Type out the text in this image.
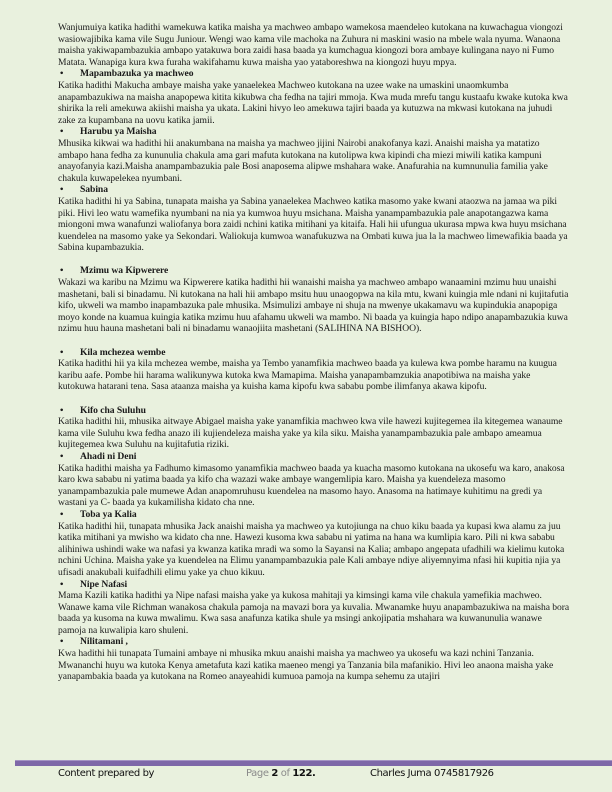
Wanjumuiya katika hadithi wamekuwa katika maisha ya machweo ambapo wamekosa maendeleo kutokana na kuwachagua viongozi wasiowajibika kama vile Sugu Juniour. Wengi wao kama vile machoka na Zuhura ni maskini wasio na mbele wala nyuma. Wanaona maisha yakiwapambazukia ambapo yatakuwa bora zaidi hasa baada ya kumchagua kiongozi bora ambaye kulingana nayo ni Fumo Matata. Wanapiga kura kwa furaha wakifahamu kuwa maisha yao yataboreshwa na kiongozi huyu mpya.

•	Mapambazuka ya machweo

Katika hadithi Makucha ambaye maisha yake yanaelekea Machweo kutokana na uzee wake na umaskini unaomkumba anapambazukiwa na maisha anapopewa kitita kikubwa cha fedha na tajiri mmoja. Kwa muda mrefu tangu kustaafu kwake kutoka kwa shirika la reli amekuwa akiishi maisha ya ukata. Lakini hivyo leo amekuwa tajiri baada ya kutuzwa na mkwasi kutokana na juhudi zake za kupambana na uovu katika jamii.

•	Harubu ya Maisha

Mhusika kikwai wa hadithi hii anakumbana na maisha ya machweo jijini Nairobi anakofanya kazi. Anaishi maisha ya matatizo ambapo hana fedha za kununulia chakula ama gari mafuta kutokana na kutolipwa kwa kipindi cha miezi miwili katika kampuni anayofanyia kazi.Maisha anampambazukia pale Bosi anaposema alipwe mshahara wake. Anafurahia na kumnunulia familia yake chakula kuwapelekea nyumbani.

•	Sabina

Katika hadithi hi ya Sabina, tunapata maisha ya Sabina yanaelekea Machweo katika masomo yake kwani ataozwa na jamaa wa piki piki. Hivi leo watu wamefika nyumbani na nia ya kumwoa huyu msichana. Maisha yanampambazukia pale anapotangazwa kama miongoni mwa wanafunzi waliofanya bora zaidi nchini katika mitihani ya kitaifa. Hali hii ufungua ukurasa mpwa kwa huyu msichana kuendelea na masomo yake ya Sekondari. Waliokuja kumwoa wanafukuzwa na Ombati kuwa jua la la machweo limewafikia baada ya Sabina kupambazukia.

•	Mzimu wa Kipwerere

Wakazi wa karibu na Mzimu wa Kipwerere katika hadithi hii wanaishi maisha ya machweo ambapo wanaamini mzimu huu unaishi mashetani, bali si binadamu. Ni kutokana na hali hii ambapo msitu huu unaogopwa na kila mtu, kwani kuingia mle ndani ni kujitafutia kifo, ukweli wa mambo inapambazuka pale mhusika. Msimulizi ambaye ni shuja na mwenye ukakamavu wa kupindukia anapopiga moyo konde na kuamua kuingia katika mzimu huu afahamu ukweli wa mambo. Ni baada ya kuingia hapo ndipo anapambazukia kuwa nzimu huu hauna mashetani bali ni binadamu wanaojiita mashetani (SALIHINA NA BISHOO).

•	Kila mchezea wembe

Katika hadithi hii ya kila mchezea wembe, maisha ya Tembo yanamfikia machweo baada ya kulewa kwa pombe haramu na kuugua karibu aafe. Pombe hii harama walikunywa kutoka kwa Mamapima. Maisha yanapambamzukia anapotibiwa na maisha yake kutokuwa hatarani tena. Sasa ataanza maisha ya kuisha kama kipofu kwa sababu pombe ilimfanya akawa kipofu.

•	Kifo cha Suluhu

Katika hadithi hii, mhusika aitwaye Abigael maisha yake yanamfikia machweo kwa vile hawezi kujitegemea ila kitegemea wanaume kama vile Suluhu kwa fedha anazo ili kujiendeleza maisha yake ya kila siku. Maisha yanampambazukia pale ambapo ameamua kujitegemea kwa Suluhu na kujitafutia riziki.

•	Ahadi ni Deni

Katika hadithi maisha ya Fadhumo kimasomo yanamfikia machweo baada ya kuacha masomo kutokana na ukosefu wa karo, anakosa karo kwa sababu ni yatima baada ya kifo cha wazazi wake ambaye wangemlipia karo. Maisha ya kuendeleza masomo yanampambazukia pale mumewe Adan anapomruhusu kuendelea na masomo hayo. Anasoma na hatimaye kuhitimu na gredi ya wastani ya C- baada ya kukamilisha kidato cha nne.

•	Toba ya Kalia

Katika hadithi hii, tunapata mhusika Jack anaishi maisha ya machweo ya kutojiunga na chuo kiku baada ya kupasi kwa alamu za juu katika mitihani ya mwisho wa kidato cha nne. Hawezi kusoma kwa sababu ni yatima na hana wa kumlipia karo. Pili ni kwa sababu alihiniwa ushindi wake wa nafasi ya kwanza katika mradi wa somo la Sayansi na Kalia; ambapo angepata ufadhili wa kielimu kutoka nchini Uchina. Maisha yake ya kuendelea na Elimu yanampambazukia pale Kali ambaye ndiye aliyemnyima nfasi hii kupitia njia ya ufisadi anakubali kuifadhili elimu yake ya chuo kikuu.

•	Nipe Nafasi

Mama Kazili katika hadithi ya Nipe nafasi maisha yake ya kukosa mahitaji ya kimsingi kama vile chakula yamefikia machweo. Wanawe kama vile Richman wanakosa chakula pamoja na mavazi bora ya kuvalia. Mwanamke huyu anapambazukiwa na maisha bora baada ya kusoma na kuwa mwalimu. Kwa sasa anafunza katika shule ya msingi ankojipatia mshahara wa kuwanunulia wanawe pamoja na kuwalipia karo shuleni.

•	Nilitamani ,

Kwa hadithi hii tunapata Tumaini ambaye ni mhusika mkuu anaishi maisha ya machweo ya ukosefu wa kazi nchini Tanzania. Mwananchi huyu wa kutoka Kenya ametafuta kazi katika maeneo mengi ya Tanzania bila mafanikio. Hivi leo anaona maisha yake yanapambakia baada ya kutokana na Romeo anayeahidi kumuoa pamoja na kumpa sehemu za utajiri

Content prepared by	Page 2 of 122.	Charles Juma 0745817926
